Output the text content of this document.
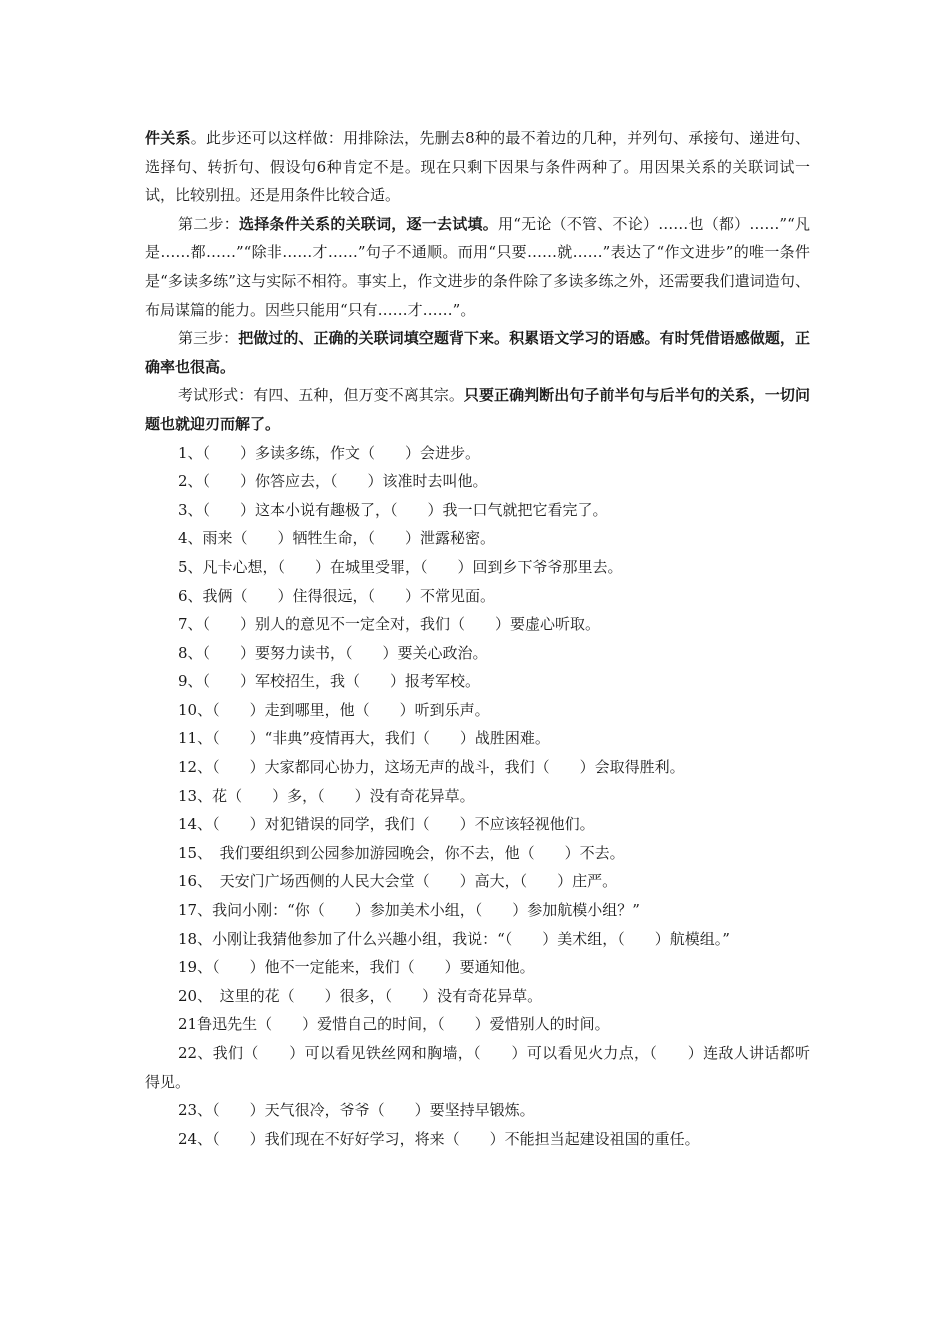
件关系。此步还可以这样做：用排除法，先删去8种的最不着边的几种，并列句、承接句、递进句、选择句、转折句、假设句6种肯定不是。现在只剩下因果与条件两种了。用因果关系的关联词试一试，比较别扭。还是用条件比较合适。

第二步：选择条件关系的关联词，逐一去试填。用“无论（不管、不论）……也（都）……”“凡是……都……”“除非……才……”句子不通顺。而用“只要……就……”表达了“作文进步”的唯一条件是“多读多练”这与实际不相符。事实上，作文进步的条件除了多读多练之外，还需要我们遣词造句、布局谋篇的能力。因些只能用“只有……才……”。

第三步：把做过的、正确的关联词填空题背下来。积累语文学习的语感。有时凭借语感做题，正确率也很高。

考试形式：有四、五种，但万变不离其宗。只要正确判断出句子前半句与后半句的关系，一切问题也就迎刃而解了。

1、（　　）多读多练，作文（　　）会进步。

2、（　　）你答应去，（　　）该准时去叫他。

3、（　　）这本小说有趣极了，（　　）我一口气就把它看完了。

4、雨来（　　）牺牲生命，（　　）泄露秘密。

5、凡卡心想，（　　）在城里受罪，（　　）回到乡下爷爷那里去。

6、我俩（　　）住得很远，（　　）不常见面。

7、（　　）别人的意见不一定全对，我们（　　）要虚心听取。

8、（　　）要努力读书，（　　）要关心政治。

9、（　　）军校招生，我（　　）报考军校。

10、（　　）走到哪里，他（　　）听到乐声。

11、（　　）“非典”疫情再大，我们（　　）战胜困难。

12、（　　）大家都同心协力，这场无声的战斗，我们（　　）会取得胜利。

13、花（　　）多，（　　）没有奇花异草。

14、（　　）对犯错误的同学，我们（　　）不应该轻视他们。

15、　我们要组织到公园参加游园晚会，你不去，他（　　）不去。

16、　天安门广场西侧的人民大会堂（　　）高大，（　　）庄严。

17、我问小刚：“你（　　）参加美术小组，（　　）参加航模小组？”

18、小刚让我猜他参加了什么兴趣小组，我说：“（　　）美术组，（　　）航模组。”

19、（　　）他不一定能来，我们（　　）要通知他。

20、　这里的花（　　）很多，（　　）没有奇花异草。

21鲁迅先生（　　）爱惜自己的时间，（　　）爱惜别人的时间。

22、我们（　　）可以看见铁丝网和胸墙，（　　）可以看见火力点，（　　）连敌人讲话都听得见。

23、（　　）天气很冷，爷爷（　　）要坚持早锻炼。

24、（　　）我们现在不好好学习，将来（　　）不能担当起建设祖国的重任。
